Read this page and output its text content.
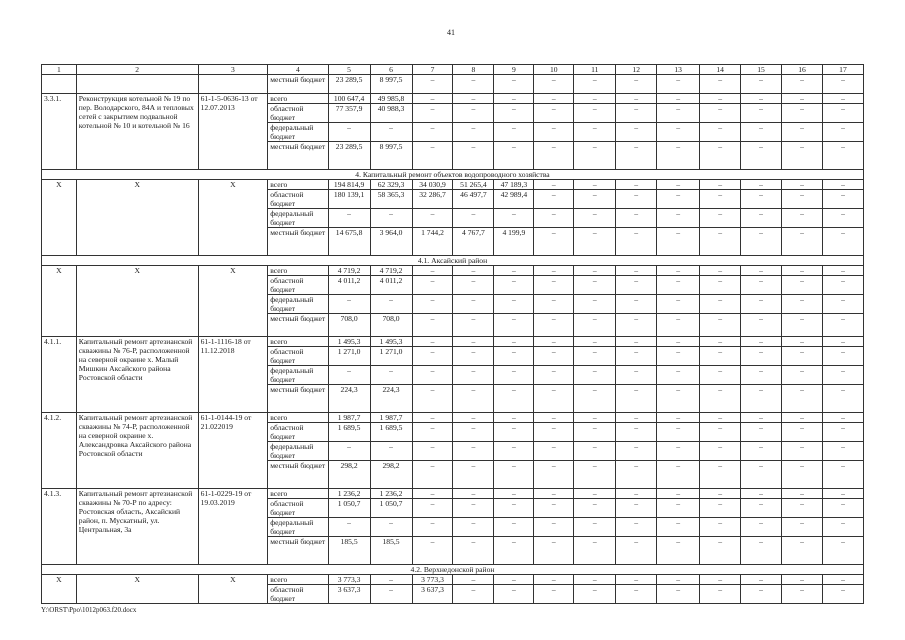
41
1	2	3	4	5	6	7	8	9	10	11	12	13	14	15	16	17
			местный бюджет	23 289,5	8 997,5	–	–	–	–	–	–	–	–	–	–	–
3.3.1.	Реконструкция котельной № 19 по пер. Володарского, 84А и тепловых сетей с закрытием подвальной котельной № 10 и котельной № 16	61-1-5-0636-13 от 12.07.2013	всего	100 647,4	49 985,8	–	–	–	–	–	–	–	–	–	–	–
			областной бюджет	77 357,9	40 988,3	–	–	–	–	–	–	–	–	–	–	–
			федеральный бюджет	–	–	–	–	–	–	–	–	–	–	–	–	–
			местный бюджет	23 289,5	8 997,5	–	–	–	–	–	–	–	–	–	–	–
4. Капитальный ремонт объектов водопроводного хозяйства																
X	X	X	всего	194 814,9	62 329,3	34 030,9	51 265,4	47 189,3	–	–	–	–	–	–	–	–
			областной бюджет	180 139,1	58 365,3	32 286,7	46 497,7	42 989,4	–	–	–	–	–	–	–	–
			федеральный бюджет	–	–	–	–	–	–	–	–	–	–	–	–	–
			местный бюджет	14 675,8	3 964,0	1 744,2	4 767,7	4 199,9	–	–	–	–	–	–	–	–
4.1. Аксайский район																
X	X	X	всего	4 719,2	4 719,2	–	–	–	–	–	–	–	–	–	–	–
			областной бюджет	4 011,2	4 011,2	–	–	–	–	–	–	–	–	–	–	–
			федеральный бюджет	–	–	–	–	–	–	–	–	–	–	–	–	–
			местный бюджет	708,0	708,0	–	–	–	–	–	–	–	–	–	–	–
4.1.1.	Капитальный ремонт артезианской скважины № 76-Р, расположенной на северной окраине х. Малый Мишкин Аксайского района Ростовской области	61-1-1116-18 от 11.12.2018	всего	1 495,3	1 495,3	–	–	–	–	–	–	–	–	–	–	–
			областной бюджет	1 271,0	1 271,0	–	–	–	–	–	–	–	–	–	–	–
			федеральный бюджет	–	–	–	–	–	–	–	–	–	–	–	–	–
			местный бюджет	224,3	224,3	–	–	–	–	–	–	–	–	–	–	–
4.1.2.	Капитальный ремонт артезианской скважины № 74-Р, расположенной на северной окраине х. Александровка Аксайского района Ростовской области	61-1-0144-19 от 21.022019	всего	1 987,7	1 987,7	–	–	–	–	–	–	–	–	–	–	–
			областной бюджет	1 689,5	1 689,5	–	–	–	–	–	–	–	–	–	–	–
			федеральный бюджет	–	–	–	–	–	–	–	–	–	–	–	–	–
			местный бюджет	298,2	298,2	–	–	–	–	–	–	–	–	–	–	–
4.1.3.	Капитальный ремонт артезианской скважины № 70-Р по адресу: Ростовская область, Аксайский район, п. Мускатный, ул. Центральная, 3а	61-1-0229-19 от 19.03.2019	всего	1 236,2	1 236,2	–	–	–	–	–	–	–	–	–	–	–
			областной бюджет	1 050,7	1 050,7	–	–	–	–	–	–	–	–	–	–	–
			федеральный бюджет	–	–	–	–	–	–	–	–	–	–	–	–	–
			местный бюджет	185,5	185,5	–	–	–	–	–	–	–	–	–	–	–
4.2. Верхнедонской район																
X	X	X	всего	3 773,3	–	3 773,3	–	–	–	–	–	–	–	–	–	–
			областной бюджет	3 637,3	–	3 637,3	–	–	–	–	–	–	–	–	–	–
Y:\ORST\Ppo\1012p063.f20.docx
